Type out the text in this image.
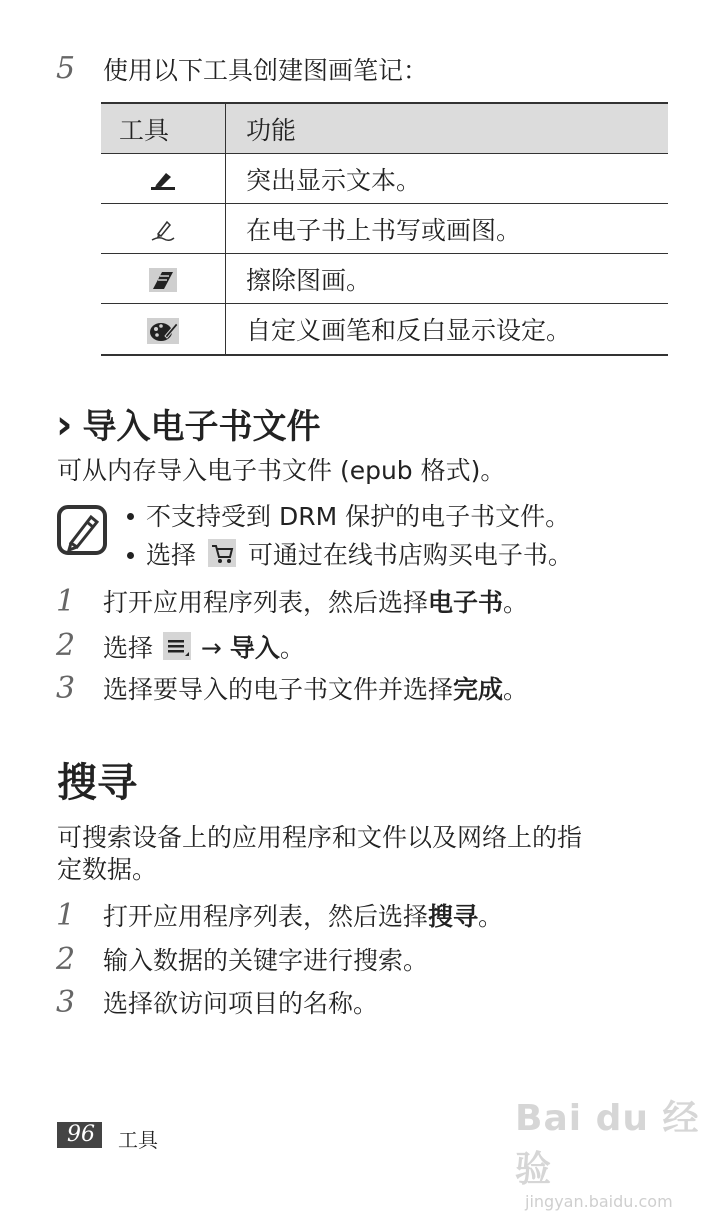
5 使用以下工具创建图画笔记：
工具	功能
	突出显示文本。
	在电子书上书写或画图。
	擦除图画。
	自定义画笔和反白显示设定。
› 导入电子书文件
可从内存导入电子书文件 (epub 格式)。
不支持受到 DRM 保护的电子书文件。
选择 可通过在线书店购买电子书。
1 打开应用程序列表，然后选择电子书。
2 选择 → 导入。
3 选择要导入的电子书文件并选择完成。
搜寻
可搜索设备上的应用程序和文件以及网络上的指
定数据。
1 打开应用程序列表，然后选择搜寻。
2 输入数据的关键字进行搜索。
3 选择欲访问项目的名称。
96	工具
Bai du 经验
jingyan.baidu.com
